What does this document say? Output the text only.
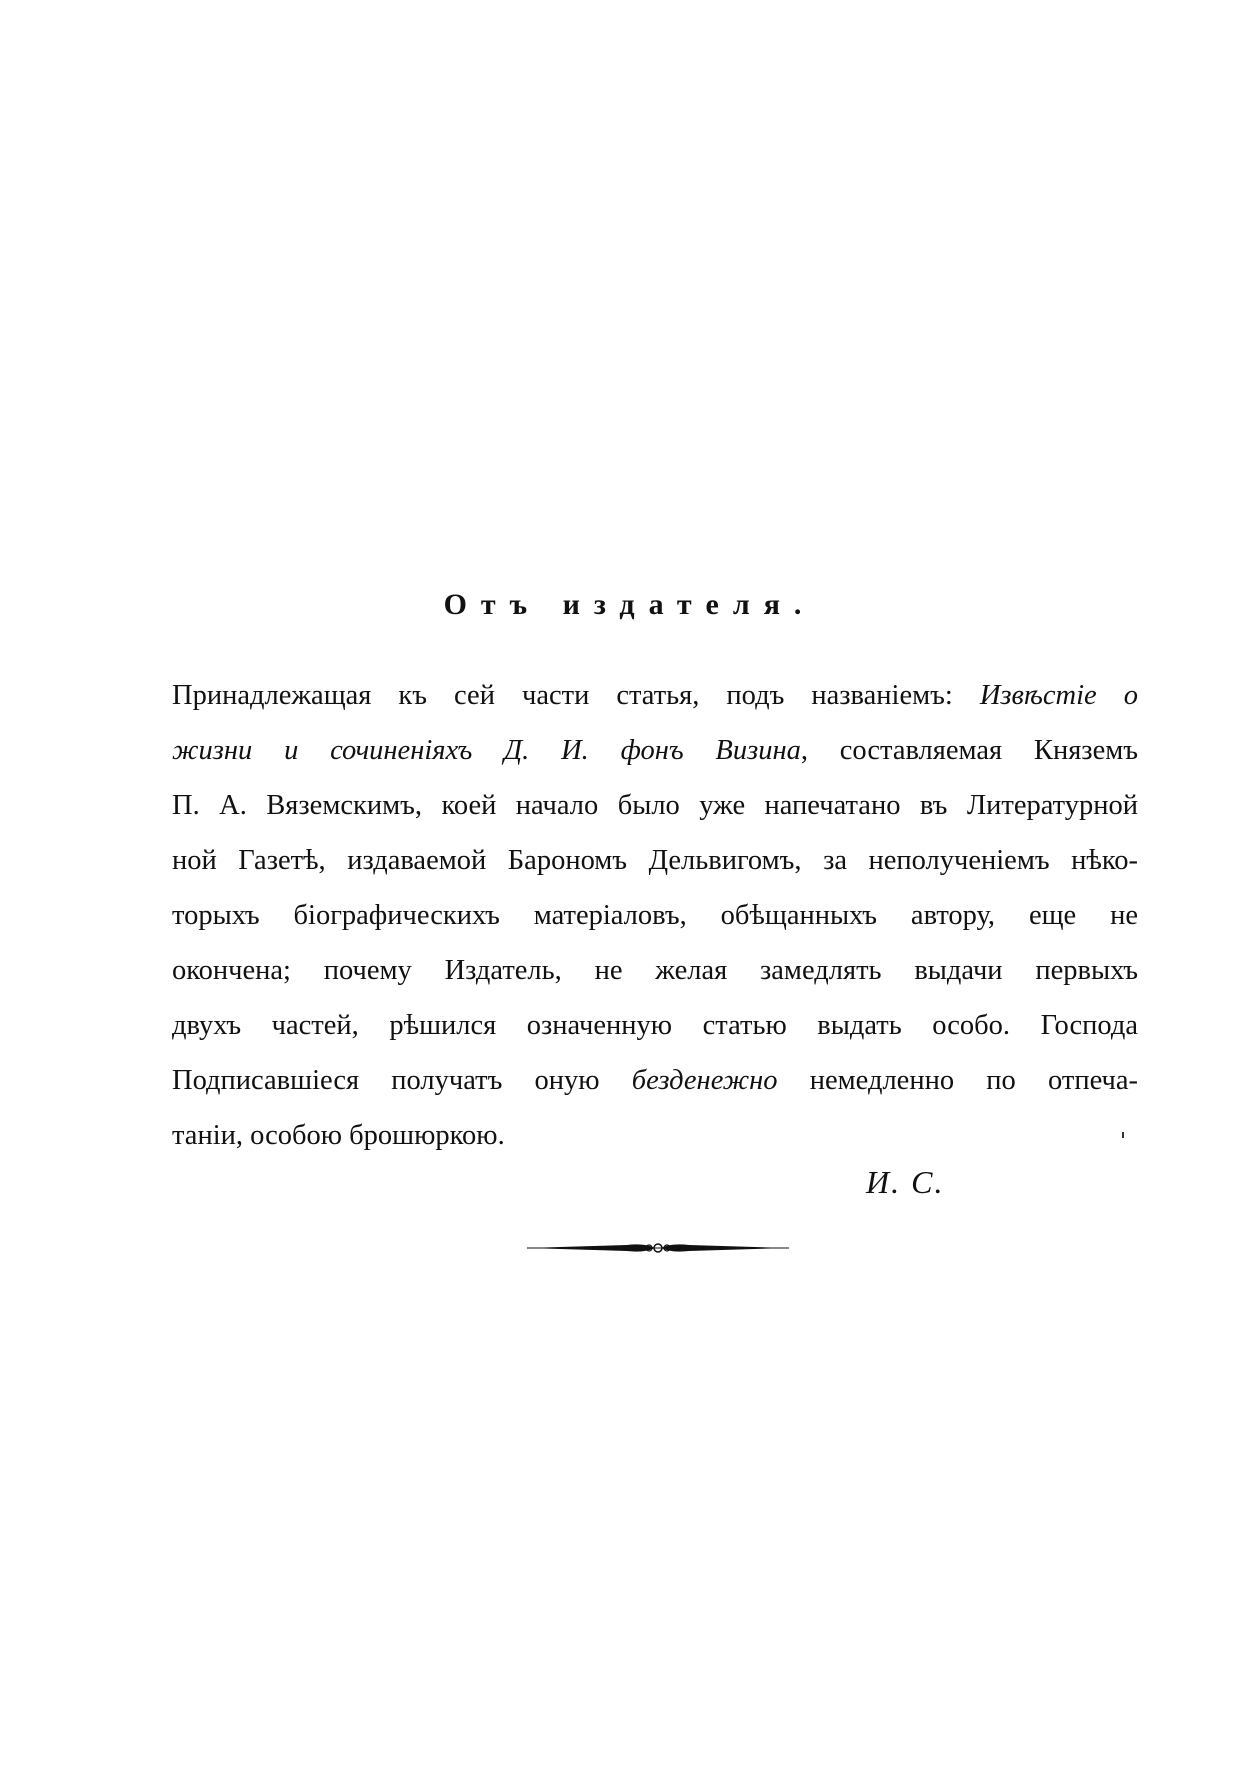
Отъ издателя.
Принадлежащая къ сей части статья, подъ названіемъ: Извѣстіе о
жизни и сочиненіяхъ Д. И. фонъ Визина, составляемая Княземъ
П. А. Вяземскимъ, коей начало было уже напечатано въ Литературной
ной Газетѣ, издаваемой Барономъ Дельвигомъ, за неполученіемъ нѣко-
торыхъ біографическихъ матеріаловъ, обѣщанныхъ автору, еще не
окончена; почему Издатель, не желая замедлять выдачи первыхъ
двухъ частей, рѣшился означенную статью выдать особо. Господа
Подписавшіеся получатъ оную безденежно немедленно по отпеча-
таніи, особою брошюркою.

И. С.
